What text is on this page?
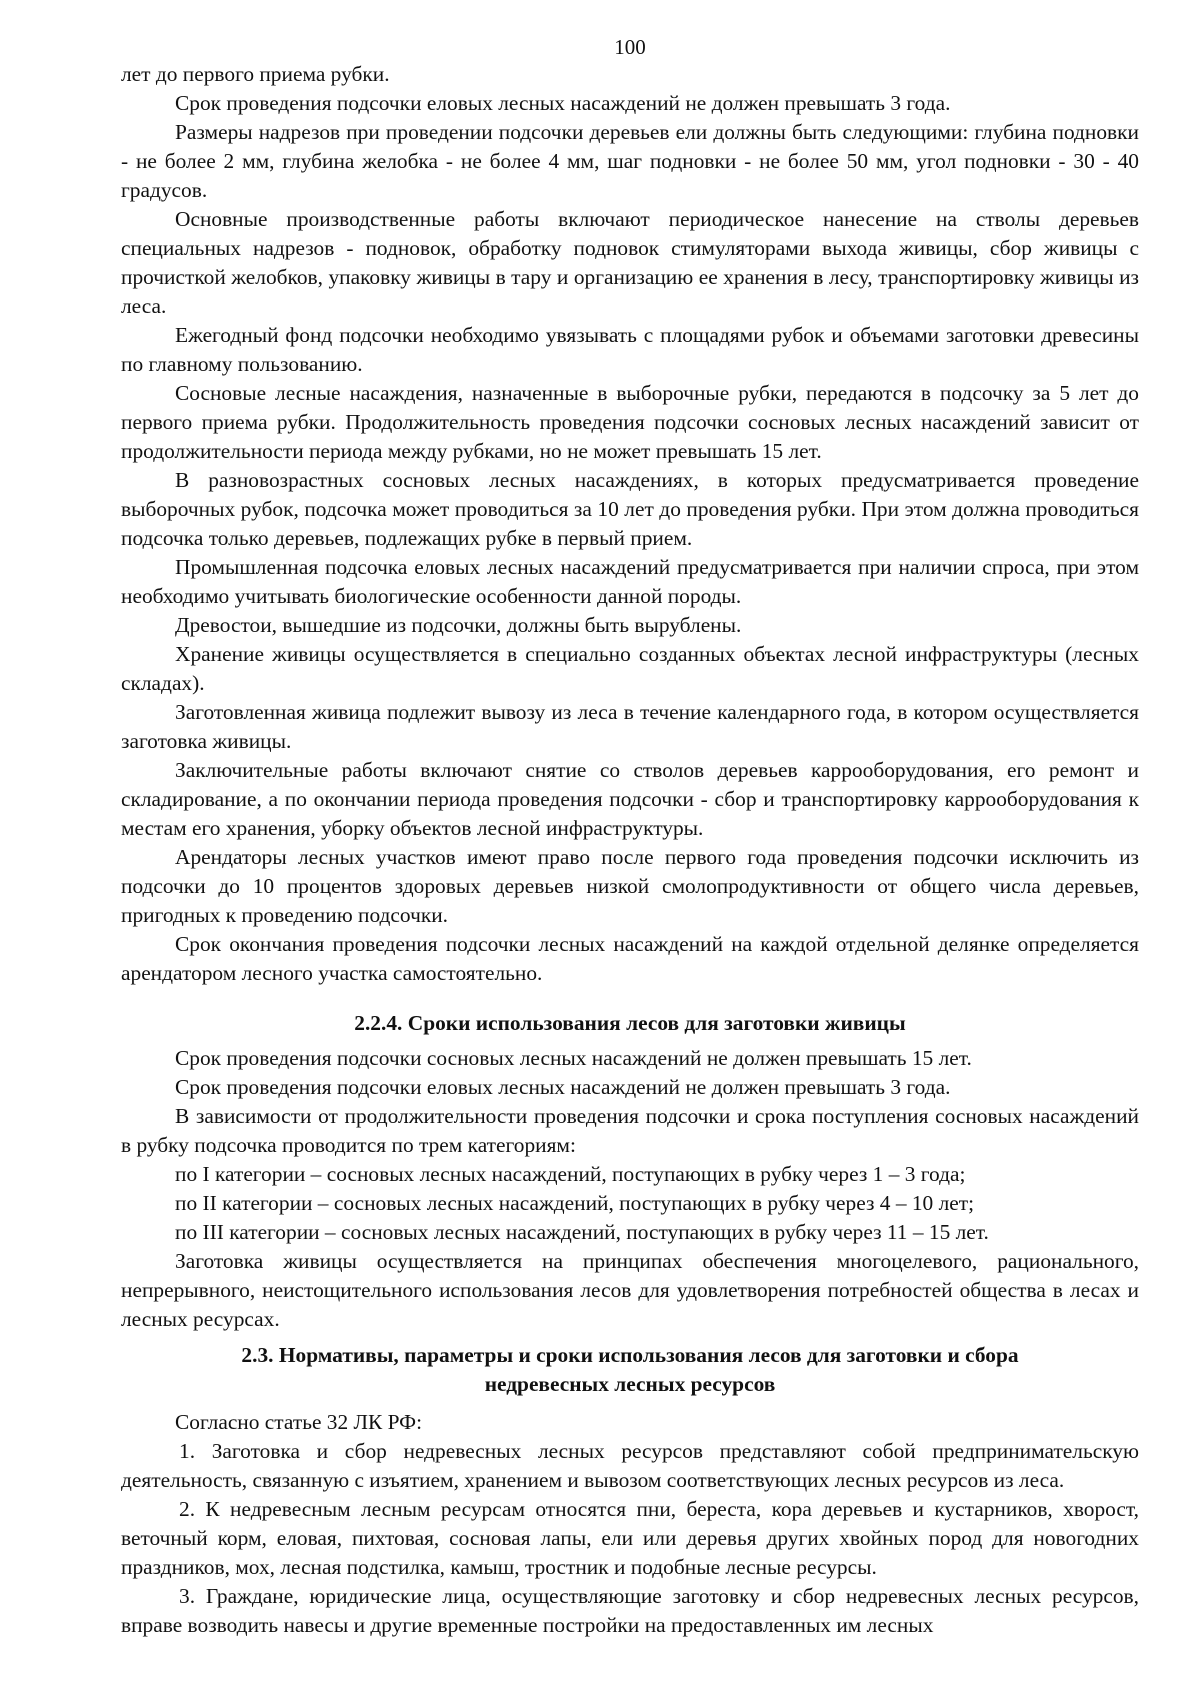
100

лет до первого приема рубки.

Срок проведения подсочки еловых лесных насаждений не должен превышать 3 года.

Размеры надрезов при проведении подсочки деревьев ели должны быть следующими: глубина подновки - не более 2 мм, глубина желобка - не более 4 мм, шаг подновки - не более 50 мм, угол подновки - 30 - 40 градусов.

Основные производственные работы включают периодическое нанесение на стволы деревьев специальных надрезов - подновок, обработку подновок стимуляторами выхода живицы, сбор живицы с прочисткой желобков, упаковку живицы в тару и организацию ее хранения в лесу, транспортировку живицы из леса.

Ежегодный фонд подсочки необходимо увязывать с площадями рубок и объемами заготовки древесины по главному пользованию.

Сосновые лесные насаждения, назначенные в выборочные рубки, передаются в подсочку за 5 лет до первого приема рубки. Продолжительность проведения подсочки сосновых лесных насаждений зависит от продолжительности периода между рубками, но не может превышать 15 лет.

В разновозрастных сосновых лесных насаждениях, в которых предусматривается проведение выборочных рубок, подсочка может проводиться за 10 лет до проведения рубки. При этом должна проводиться подсочка только деревьев, подлежащих рубке в первый прием.

Промышленная подсочка еловых лесных насаждений предусматривается при наличии спроса, при этом необходимо учитывать биологические особенности данной породы.

Древостои, вышедшие из подсочки, должны быть вырублены.

Хранение живицы осуществляется в специально созданных объектах лесной инфраструктуры (лесных складах).

Заготовленная живица подлежит вывозу из леса в течение календарного года, в котором осуществляется заготовка живицы.

Заключительные работы включают снятие со стволов деревьев каррооборудования, его ремонт и складирование, а по окончании периода проведения подсочки - сбор и транспортировку каррооборудования к местам его хранения, уборку объектов лесной инфраструктуры.

Арендаторы лесных участков имеют право после первого года проведения подсочки исключить из подсочки до 10 процентов здоровых деревьев низкой смолопродуктивности от общего числа деревьев, пригодных к проведению подсочки.

Срок окончания проведения подсочки лесных насаждений на каждой отдельной делянке определяется арендатором лесного участка самостоятельно.

2.2.4. Сроки использования лесов для заготовки живицы

Срок проведения подсочки сосновых лесных насаждений не должен превышать 15 лет.

Срок проведения подсочки еловых лесных насаждений не должен превышать 3 года.

В зависимости от продолжительности проведения подсочки и срока поступления сосновых насаждений в рубку подсочка проводится по трем категориям:

по I категории – сосновых лесных насаждений, поступающих в рубку через 1 – 3 года;

по II категории – сосновых лесных насаждений, поступающих в рубку через 4 – 10 лет;

по III категории – сосновых лесных насаждений, поступающих в рубку через 11 – 15 лет.

Заготовка живицы осуществляется на принципах обеспечения многоцелевого, рационального, непрерывного, неистощительного использования лесов для удовлетворения потребностей общества в лесах и лесных ресурсах.

2.3. Нормативы, параметры и сроки использования лесов для заготовки и сбора

недревесных лесных ресурсов

Согласно статье 32 ЛК РФ:

1. Заготовка и сбор недревесных лесных ресурсов представляют собой предпринимательскую деятельность, связанную с изъятием, хранением и вывозом соответствующих лесных ресурсов из леса.

2. К недревесным лесным ресурсам относятся пни, береста, кора деревьев и кустарников, хворост, веточный корм, еловая, пихтовая, сосновая лапы, ели или деревья других хвойных пород для новогодних праздников, мох, лесная подстилка, камыш, тростник и подобные лесные ресурсы.

3. Граждане, юридические лица, осуществляющие заготовку и сбор недревесных лесных ресурсов, вправе возводить навесы и другие временные постройки на предоставленных им лесных
